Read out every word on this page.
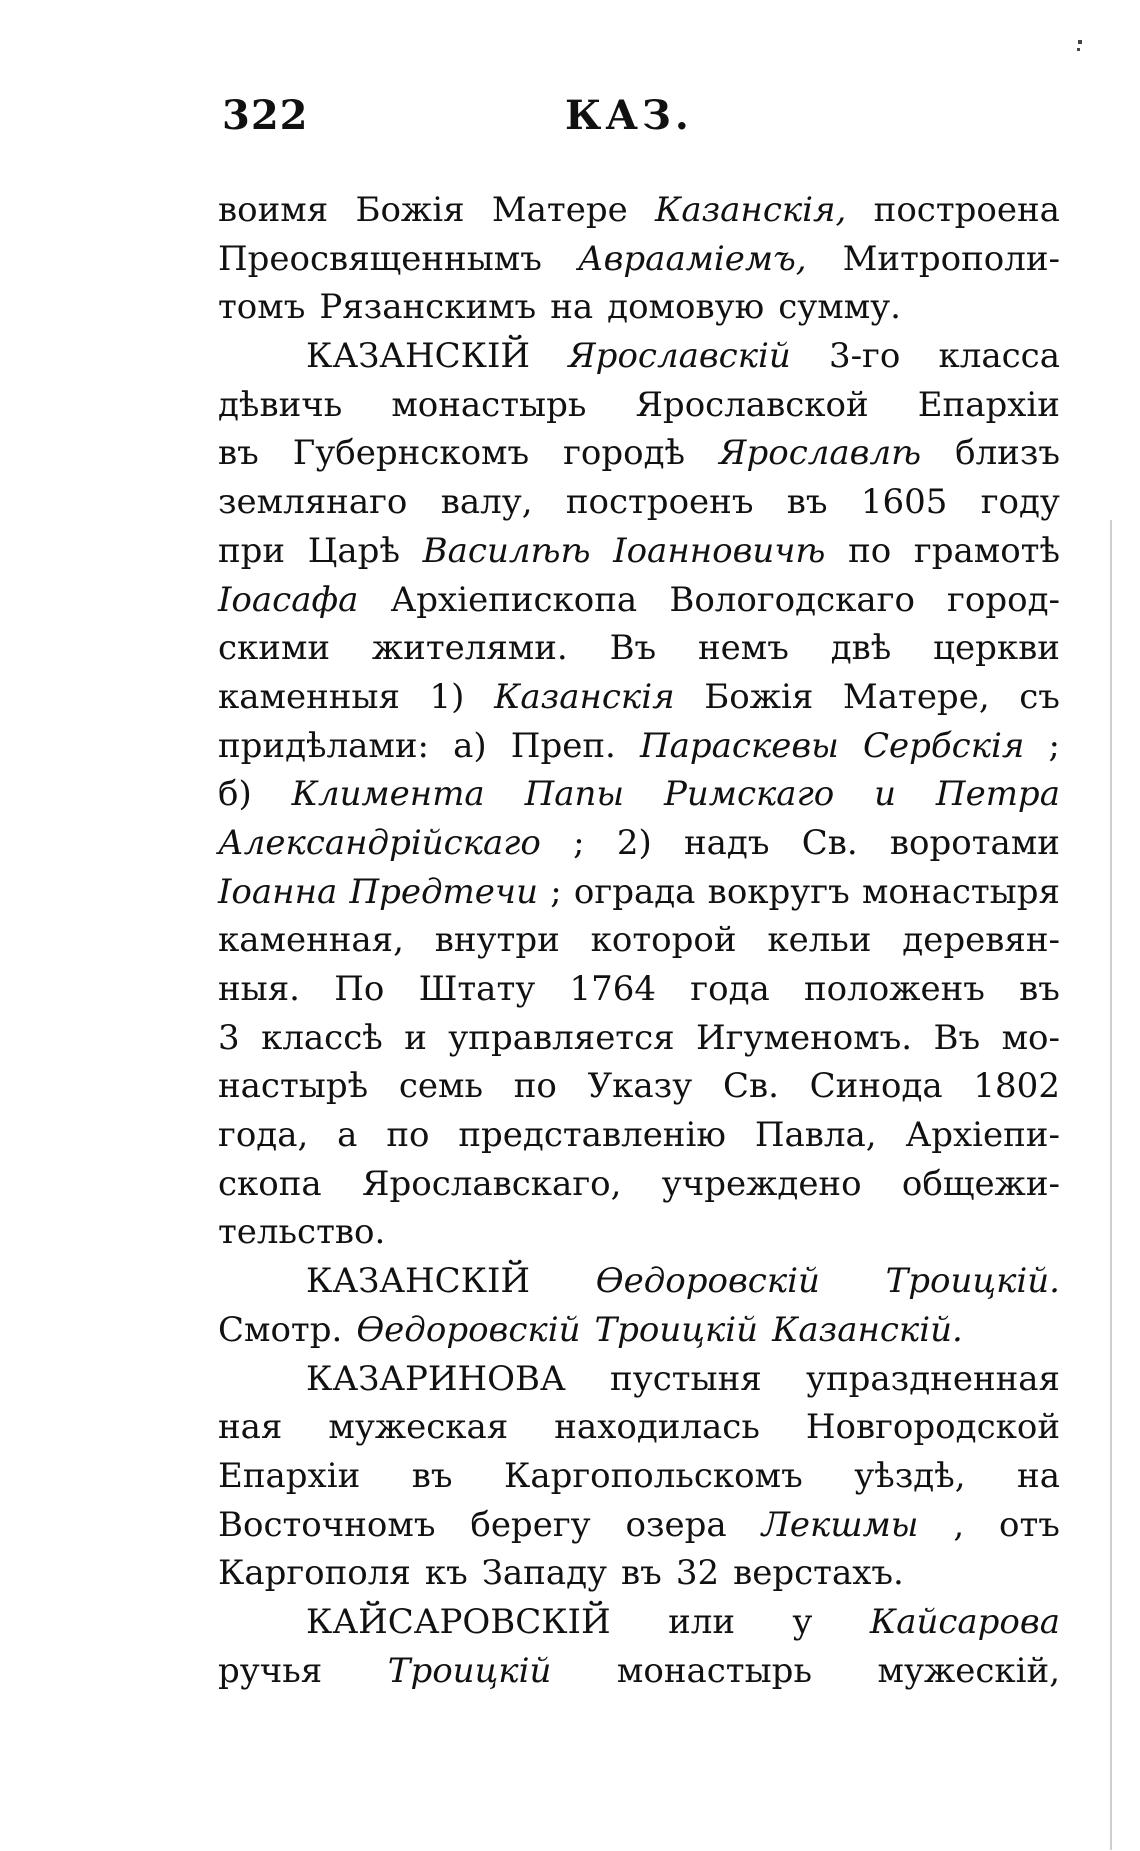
322	КАЗ.
воимя Божія Матере Казанскія, построена
Преосвященнымъ Авраамiемъ, Митрополи-
томъ Рязанскимъ на домовую сумму.
КАЗАНСКІЙ Ярославскiй 3-го класса
дѣвичь монастырь Ярославской Епархіи
въ Губернскомъ городѣ Ярославлѣ близъ
землянаго валу, построенъ въ 1605 году
при Царѣ Василѣѣ Іоанновичѣ по грамотѣ
Іоасафа Архіепископа Вологодскаго город-
скими жителями. Въ немъ двѣ церкви
каменныя 1) Казанскія Божія Матере, съ
придѣлами: а) Преп. Параскевы Сербскія ;
б) Климента Папы Римскаго и Петра
Александрійскаго ; 2) надъ Св. воротами
Іоанна Предтечи ; ограда вокругъ монастыря
каменная, внутри которой кельи деревян-
ныя. По Штату 1764 года положенъ въ
3 классѣ и управляется Игуменомъ. Въ мо-
настырѣ семь по Указу Св. Синода 1802
года, а по представленію Павла, Архіепи-
скопа Ярославскаго, учреждено общежи-
тельство.
КАЗАНСКІЙ Өедоровскій Троицкій.
Смотр. Өедоровскій Троицкій Казанскій.
КАЗАРИНОВА пустыня упраздненная
ная мужеская находилась Новгородской
Епархіи въ Каргопольскомъ уѣздѣ, на
Восточномъ берегу озера Лекшмы , отъ
Каргополя къ Западу въ 32 верстахъ.
КАЙСАРОВСКІЙ или у Кайсарова
ручья Троицкій монастырь мужескій,
